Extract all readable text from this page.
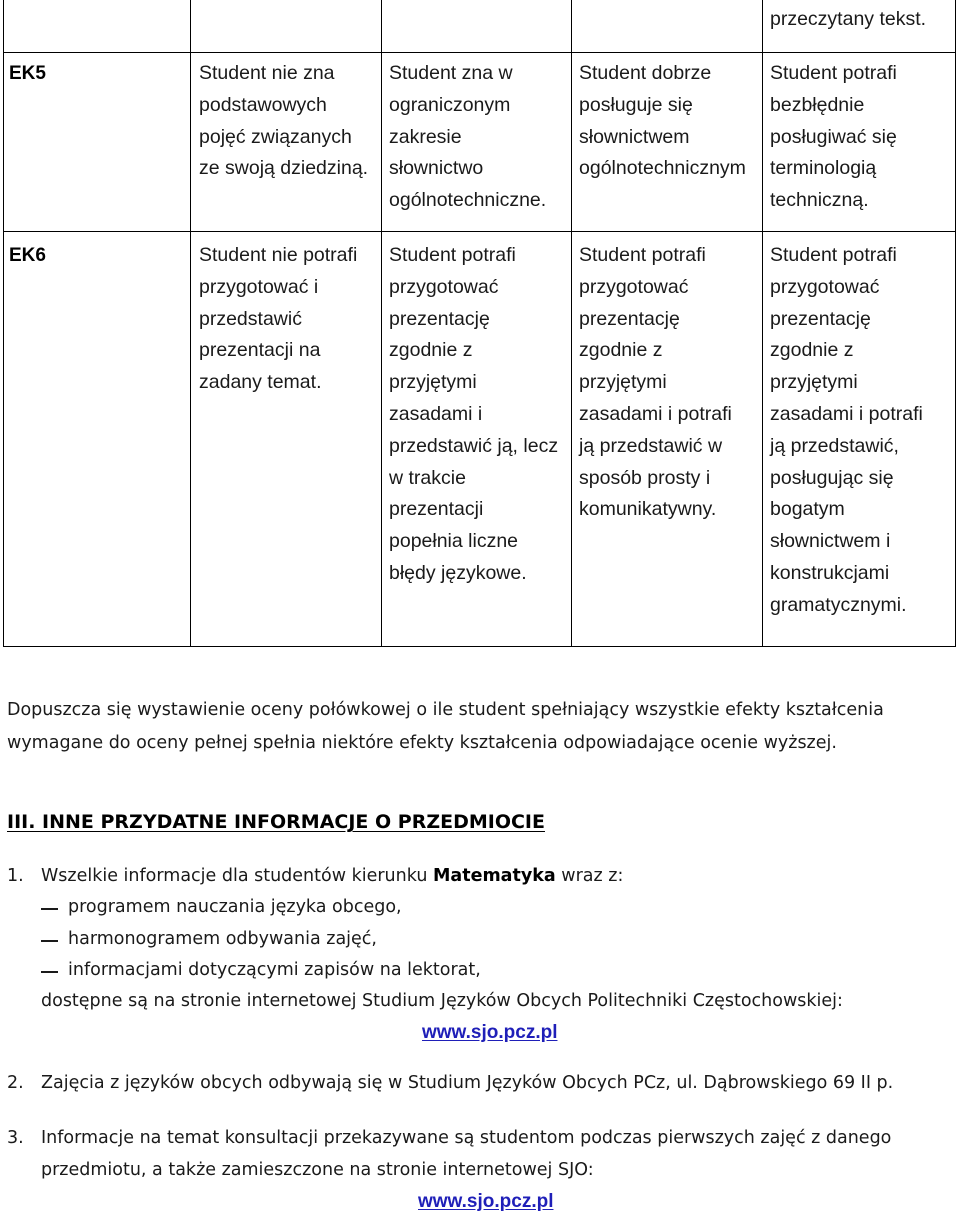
przeczytany tekst.
EK5	Student nie zna
podstawowych
pojęć związanych
ze swoją dziedziną.
Student zna w
ograniczonym
zakresie
słownictwo
ogólnotechniczne.
Student dobrze
posługuje się
słownictwem
ogólnotechnicznym
Student potrafi
bezbłędnie
posługiwać się
terminologią
techniczną.
EK6	Student nie potrafi
przygotować i
przedstawić
prezentacji na
zadany temat.
Student potrafi
przygotować
prezentację
zgodnie z
przyjętymi
zasadami i
przedstawić ją, lecz
w trakcie
prezentacji
popełnia liczne
błędy językowe.
Student potrafi
przygotować
prezentację
zgodnie z
przyjętymi
zasadami i potrafi
ją przedstawić w
sposób prosty i
komunikatywny.
Student potrafi
przygotować
prezentację
zgodnie z
przyjętymi
zasadami i potrafi
ją przedstawić,
posługując się
bogatym
słownictwem i
konstrukcjami
gramatycznymi.
Dopuszcza się wystawienie oceny połówkowej o ile student spełniający wszystkie efekty kształcenia
wymagane do oceny pełnej spełnia niektóre efekty kształcenia odpowiadające ocenie wyższej.
III. INNE PRZYDATNE INFORMACJE O PRZEDMIOCIE
1. Wszelkie informacje dla studentów kierunku Matematyka wraz z:
programem nauczania języka obcego,
harmonogramem odbywania zajęć,
informacjami dotyczącymi zapisów na lektorat,
dostępne są na stronie internetowej Studium Języków Obcych Politechniki Częstochowskiej:
www.sjo.pcz.pl
2. Zajęcia z języków obcych odbywają się w Studium Języków Obcych PCz, ul. Dąbrowskiego 69 II p.
3. Informacje na temat konsultacji przekazywane są studentom podczas pierwszych zajęć z danego
przedmiotu, a także zamieszczone na stronie internetowej SJO:
www.sjo.pcz.pl
